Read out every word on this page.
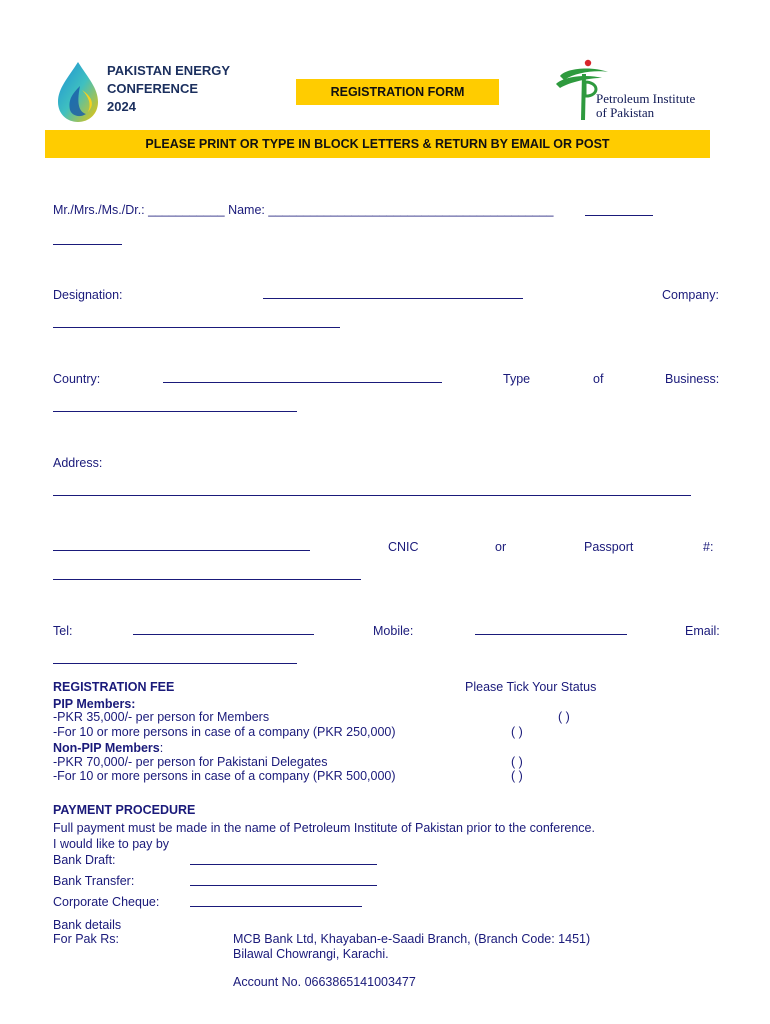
PAKISTAN ENERGY
CONFERENCE
2024
REGISTRATION FORM	Petroleum Institute
of Pakistan
PLEASE PRINT OR TYPE IN BLOCK LETTERS & RETURN BY EMAIL OR POST
Mr./Mrs./Ms./Dr.: ___________ Name: _________________________________________
Designation:	Company:
Country:	Type	of	Business:
Address:
CNIC	or	Passport	#:
Tel:	Mobile:	Email:
REGISTRATION FEE	Please Tick Your Status
PIP Members:
-PKR 35,000/- per person for Members	( )
-For 10 or more persons in case of a company (PKR 250,000)	( )
Non-PIP Members:
-PKR 70,000/- per person for Pakistani Delegates	( )
-For 10 or more persons in case of a company (PKR 500,000)	( )
PAYMENT PROCEDURE
Full payment must be made in the name of Petroleum Institute of Pakistan prior to the conference.
I would like to pay by
Bank Draft:
Bank Transfer:
Corporate Cheque:
Bank details
For Pak Rs:	MCB Bank Ltd, Khayaban-e-Saadi Branch, (Branch Code: 1451)
Bilawal Chowrangi, Karachi.
Account No. 0663865141003477
